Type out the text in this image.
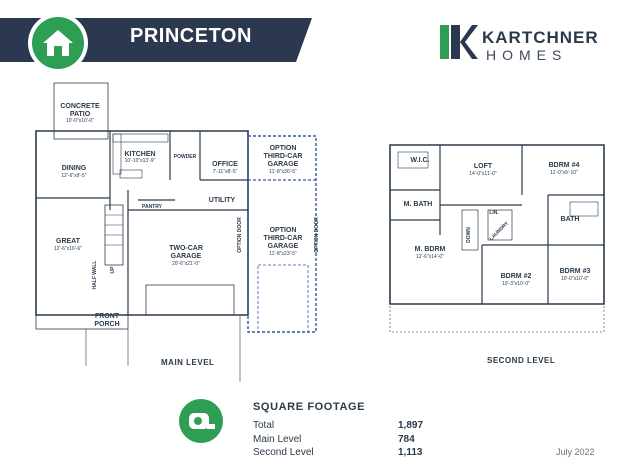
PRINCETON	KARTCHNER
HOMES
CONCRETE
PATIO
10'-0"x10'-0"
DINING
12'-6"x9'-5"
KITCHEN
10'-10"x13'-9"
POWDER
OFFICE
7'-11"x8'-5"
OPTION
THIRD-CAR
GARAGE
11'-8"x30'-5"
UTILITY
PANTRY
GREAT
12'-6"x16'-6"	TWO-CAR
GARAGE
20'-6"x21'-0"
OPTION
THIRD-CAR
GARAGE
11'-8"x23'-5"
FRONT
PORCH
HALF WALL UP
OPTION DOOR	OPTION DOOR
W.I.C.
LOFT
14'-0"x11'-0"
BDRM #4
11'-0"x9'-10"
M. BATH
LIN.
BATH
M. BDRM
12'-6"x14'-0"
BDRM #2
10'-3"x10'-0"
BDRM #3
10'-0"x10'-0"
DOWN	LAUNDRY
MAIN LEVEL	SECOND LEVEL
SQUARE FOOTAGE
Total	1,897
Main Level	784
Second Level	1,113	July 2022
